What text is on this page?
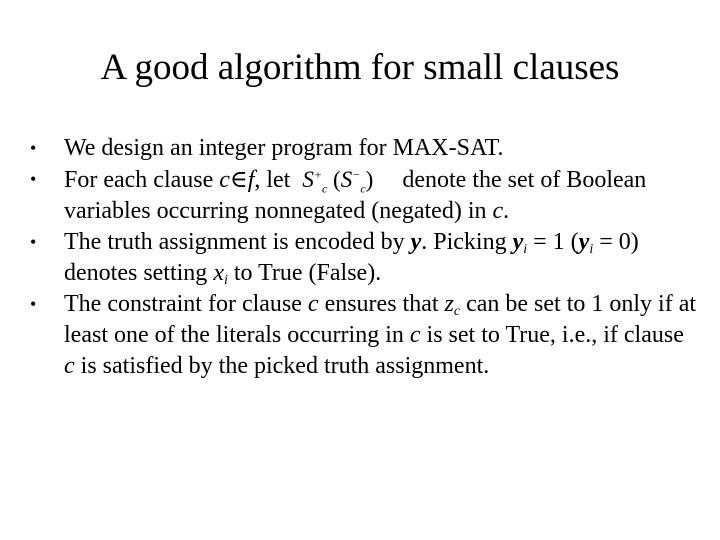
A good algorithm for small clauses
• We design an integer program for MAX-SAT.
• For each clause c∈f, let $S^+_c$ $(S^-_c)$ denote the set of Boolean variables occurring nonnegated (negated) in c.
• The truth assignment is encoded by y. Picking $y_i = 1$ $(y_i = 0)$ denotes setting $x_i$ to True (False).
• The constraint for clause c ensures that $z_c$ can be set to 1 only if at least one of the literals occurring in c is set to True, i.e., if clause c is satisfied by the picked truth assignment.
